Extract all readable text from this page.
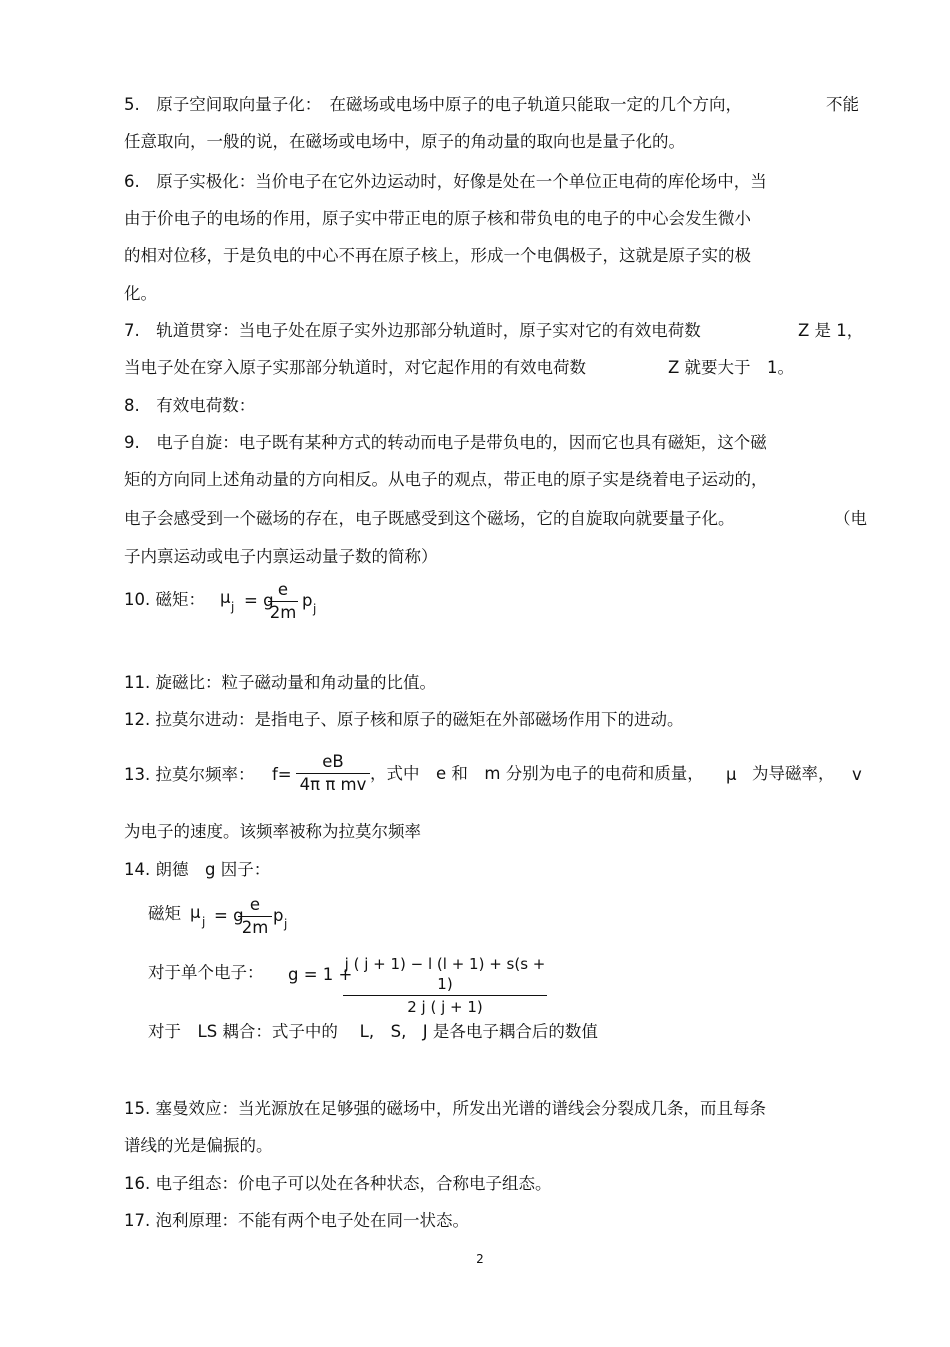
5.　原子空间取向量子化：　在磁场或电场中原子的电子轨道只能取一定的几个方向，	不能
任意取向，一般的说，在磁场或电场中，原子的角动量的取向也是量子化的。
6.　原子实极化：当价电子在它外边运动时，好像是处在一个单位正电荷的库伦场中，当
由于价电子的电场的作用，原子实中带正电的原子核和带负电的电子的中心会发生微小
的相对位移，于是负电的中心不再在原子核上，形成一个电偶极子，这就是原子实的极
化。
7.　轨道贯穿：当电子处在原子实外边那部分轨道时，原子实对它的有效电荷数	Z 是 1，
当电子处在穿入原子实那部分轨道时，对它起作用的有效电荷数	Z 就要大于　1。
8.　有效电荷数：
9.　电子自旋：电子既有某种方式的转动而电子是带负电的，因而它也具有磁矩，这个磁
矩的方向同上述角动量的方向相反。从电子的观点，带正电的原子实是绕着电子运动的，
电子会感受到一个磁场的存在，电子既感受到这个磁场，它的自旋取向就要量子化。	（电
子内禀运动或电子内禀运动量子数的简称）
10. 磁矩： μ j = g
e
2m
p j
11. 旋磁比：粒子磁动量和角动量的比值。
12. 拉莫尔进动：是指电子、原子核和原子的磁矩在外部磁场作用下的进动。
13. 拉莫尔频率： f=
eB
4π π mv
，式中　e 和　m 分别为电子的电荷和质量， μ 为导磁率， v
为电子的速度。该频率被称为拉莫尔频率
14. 朗德　g 因子：
磁矩 μ j = g
e
2m
p j
对于单个电子： g = 1 +
j ( j + 1) − l (l + 1) + s(s + 1)
2 j ( j + 1)
对于　LS 耦合：式子中的　 L,　S,　J 是各电子耦合后的数值
15. 塞曼效应：当光源放在足够强的磁场中，所发出光谱的谱线会分裂成几条，而且每条
谱线的光是偏振的。
16. 电子组态：价电子可以处在各种状态，合称电子组态。
17. 泡利原理：不能有两个电子处在同一状态。
2
